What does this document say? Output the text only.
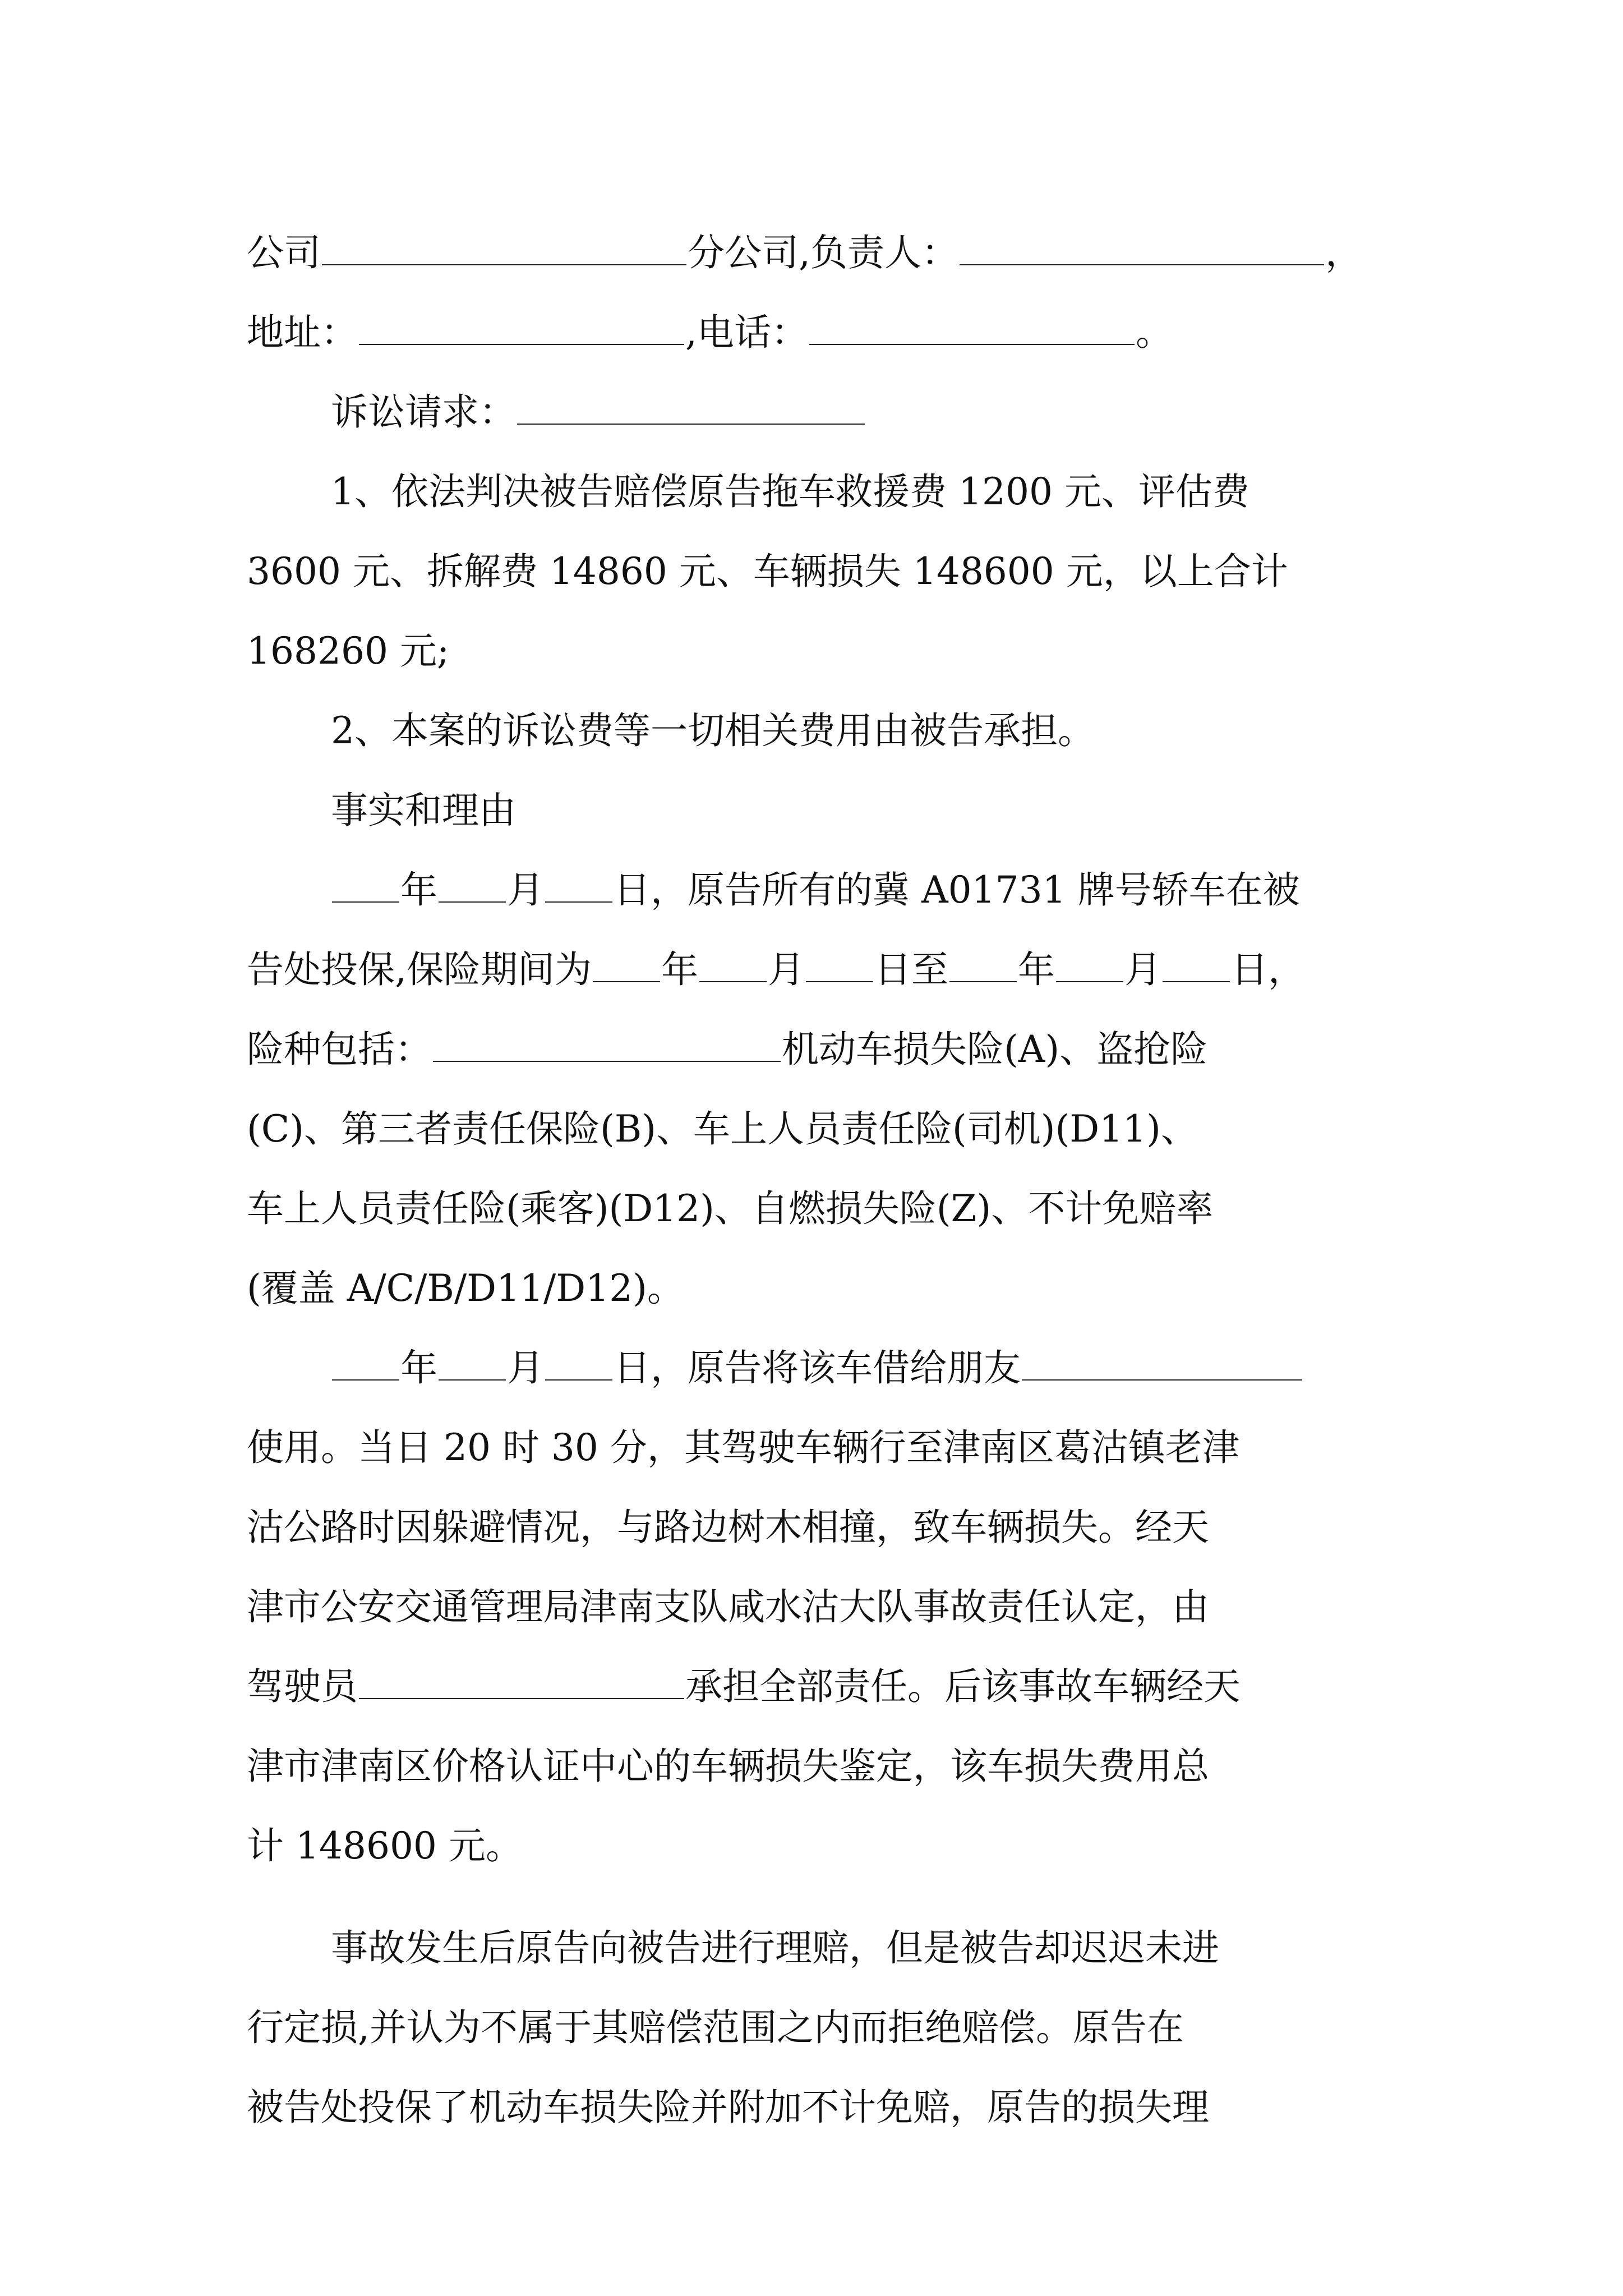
公司	分公司,负责人：	，
地址：	,电话：	。
诉讼请求：
1、依法判决被告赔偿原告拖车救援费 1200 元、评估费
3600 元、拆解费 14860 元、车辆损失 148600 元，以上合计
168260 元;
2、本案的诉讼费等一切相关费用由被告承担。
事实和理由
年 月 日，原告所有的冀 A01731 牌号轿车在被
告处投保,保险期间为 年 月 日至 年 月 日，
险种包括：	机动车损失险(A)、盗抢险
(C)、第三者责任保险(B)、车上人员责任险(司机)(D11)、
车上人员责任险(乘客)(D12)、自燃损失险(Z)、不计免赔率
(覆盖 A/C/B/D11/D12)。
年 月 日，原告将该车借给朋友
使用。当日 20 时 30 分，其驾驶车辆行至津南区葛沽镇老津
沽公路时因躲避情况，与路边树木相撞，致车辆损失。经天
津市公安交通管理局津南支队咸水沽大队事故责任认定，由
驾驶员	承担全部责任。后该事故车辆经天
津市津南区价格认证中心的车辆损失鉴定，该车损失费用总
计 148600 元。
事故发生后原告向被告进行理赔，但是被告却迟迟未进
行定损,并认为不属于其赔偿范围之内而拒绝赔偿。原告在
被告处投保了机动车损失险并附加不计免赔，原告的损失理
